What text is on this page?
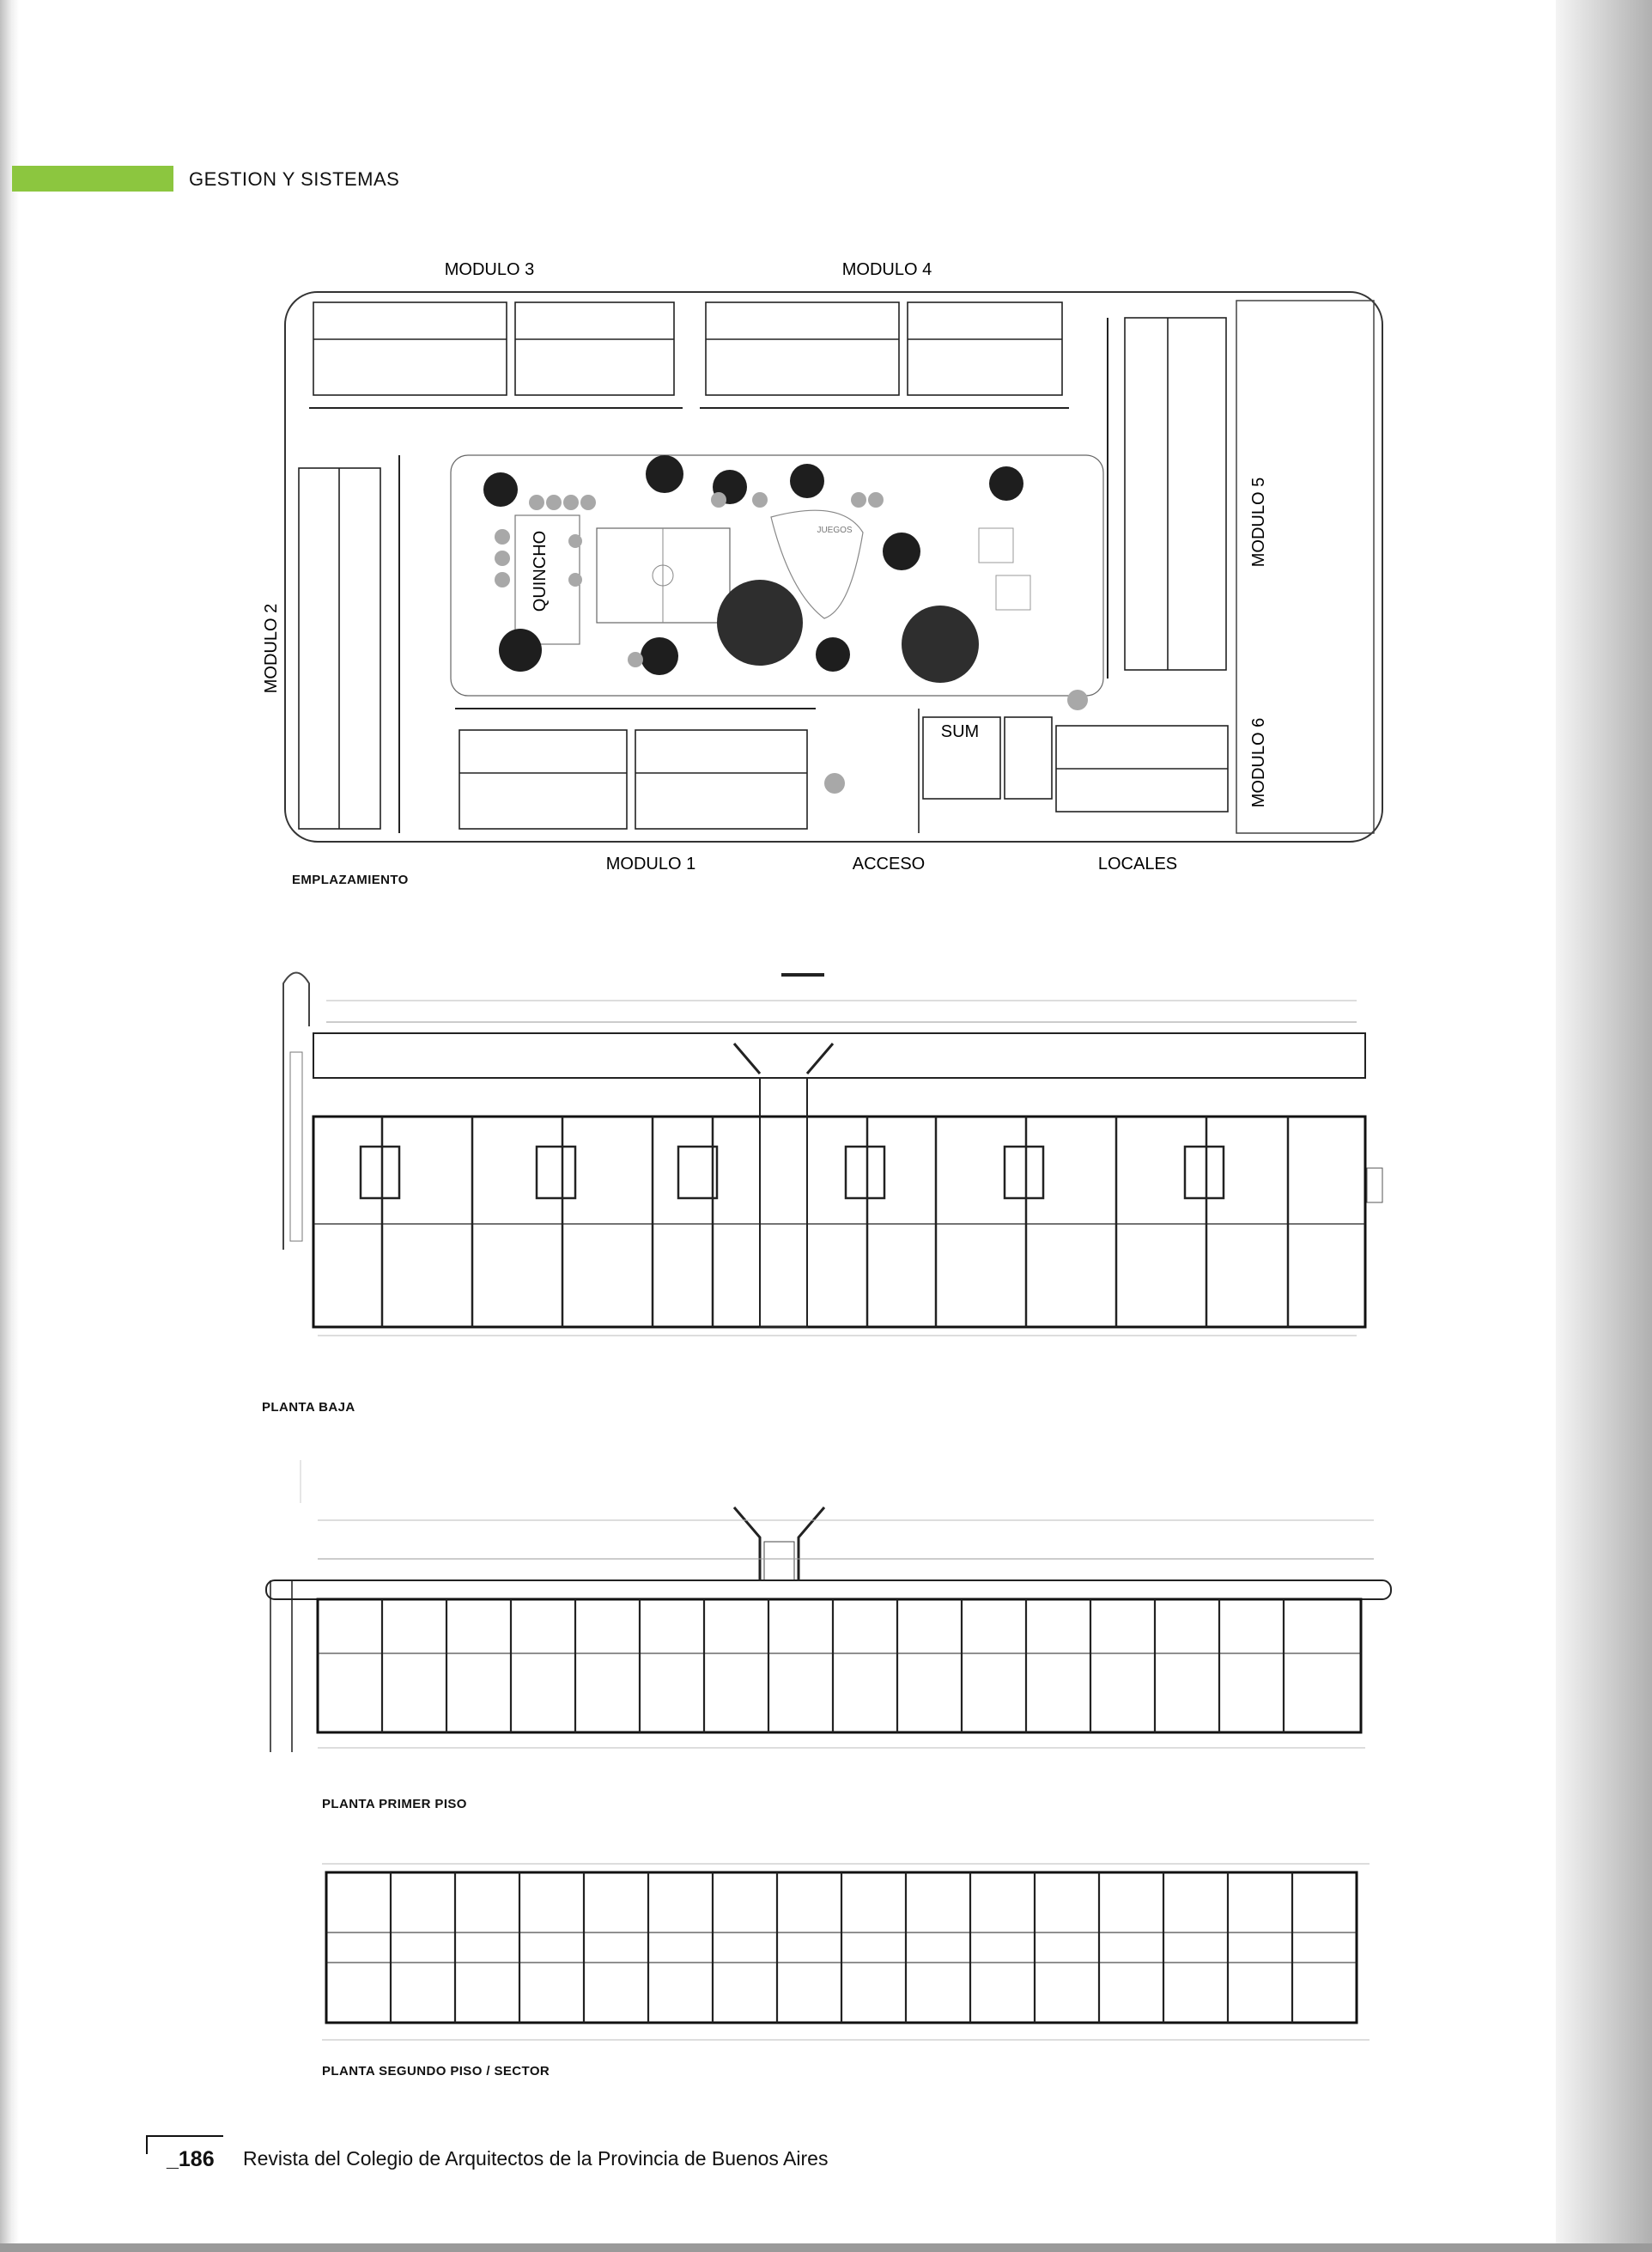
GESTION Y SISTEMAS
MODULO 3	MODULO 4
MODULO 1	ACCESO	LOCALES
MODULO 2
MODULO 5
MODULO 6
QUINCHO
SUM
JUEGOS
EMPLAZAMIENTO
PLANTA BAJA
PLANTA PRIMER PISO
PLANTA SEGUNDO PISO / SECTOR
_186 Revista del Colegio de Arquitectos de la Provincia de Buenos Aires
